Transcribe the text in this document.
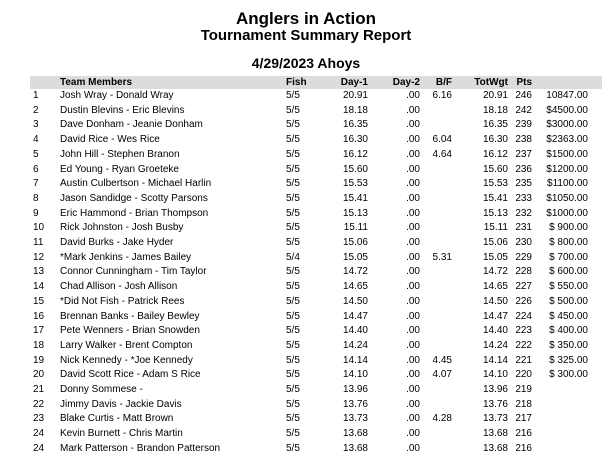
Anglers in Action
Tournament Summary Report
4/29/2023 Ahoys
	Team Members	Fish	Day-1	Day-2	B/F	TotWgt	Pts	
1	Josh Wray - Donald Wray	5/5	20.91	.00	6.16	20.91	246	10847.00
2	Dustin Blevins - Eric Blevins	5/5	18.18	.00		18.18	242	$4500.00
3	Dave Donham - Jeanie Donham	5/5	16.35	.00		16.35	239	$3000.00
4	David Rice - Wes Rice	5/5	16.30	.00	6.04	16.30	238	$2363.00
5	John Hill - Stephen Branon	5/5	16.12	.00	4.64	16.12	237	$1500.00
6	Ed Young - Ryan Groeteke	5/5	15.60	.00		15.60	236	$1200.00
7	Austin Culbertson - Michael Harlin	5/5	15.53	.00		15.53	235	$1100.00
8	Jason Sandidge - Scotty Parsons	5/5	15.41	.00		15.41	233	$1050.00
9	Eric Hammond - Brian Thompson	5/5	15.13	.00		15.13	232	$1000.00
10	Rick Johnston - Josh Busby	5/5	15.11	.00		15.11	231	$ 900.00
11	David Burks - Jake Hyder	5/5	15.06	.00		15.06	230	$ 800.00
12	*Mark Jenkins - James Bailey	5/4	15.05	.00	5.31	15.05	229	$ 700.00
13	Connor Cunningham - Tim Taylor	5/5	14.72	.00		14.72	228	$ 600.00
14	Chad Allison - Josh Allison	5/5	14.65	.00		14.65	227	$ 550.00
15	*Did Not Fish - Patrick Rees	5/5	14.50	.00		14.50	226	$ 500.00
16	Brennan Banks - Bailey Bewley	5/5	14.47	.00		14.47	224	$ 450.00
17	Pete Wenners - Brian Snowden	5/5	14.40	.00		14.40	223	$ 400.00
18	Larry Walker - Brent Compton	5/5	14.24	.00		14.24	222	$ 350.00
19	Nick Kennedy - *Joe Kennedy	5/5	14.14	.00	4.45	14.14	221	$ 325.00
20	David Scott Rice - Adam S Rice	5/5	14.10	.00	4.07	14.10	220	$ 300.00
21	Donny Sommese -	5/5	13.96	.00		13.96	219	
22	Jimmy Davis - Jackie Davis	5/5	13.76	.00		13.76	218	
23	Blake Curtis - Matt Brown	5/5	13.73	.00	4.28	13.73	217	
24	Kevin Burnett - Chris Martin	5/5	13.68	.00		13.68	216	
24	Mark Patterson - Brandon Patterson	5/5	13.68	.00		13.68	216	
